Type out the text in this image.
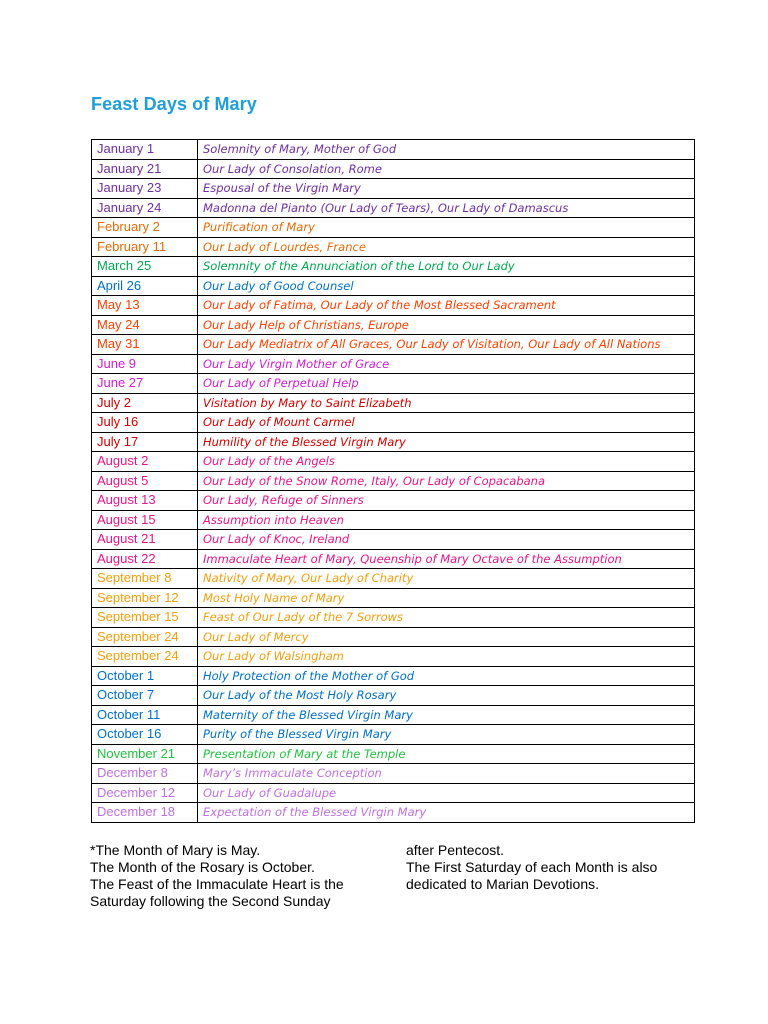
Feast Days of Mary
January 1	Solemnity of Mary, Mother of God
January 21	Our Lady of Consolation, Rome
January 23	Espousal of the Virgin Mary
January 24	Madonna del Pianto (Our Lady of Tears), Our Lady of Damascus
February 2	Purification of Mary
February 11	Our Lady of Lourdes, France
March 25	Solemnity of the Annunciation of the Lord to Our Lady
April 26	Our Lady of Good Counsel
May 13	Our Lady of Fatima, Our Lady of the Most Blessed Sacrament
May 24	Our Lady Help of Christians, Europe
May 31	Our Lady Mediatrix of All Graces, Our Lady of Visitation, Our Lady of All Nations
June 9	Our Lady Virgin Mother of Grace
June 27	Our Lady of Perpetual Help
July 2	Visitation by Mary to Saint Elizabeth
July 16	Our Lady of Mount Carmel
July 17	Humility of the Blessed Virgin Mary
August 2	Our Lady of the Angels
August 5	Our Lady of the Snow Rome, Italy, Our Lady of Copacabana
August 13	Our Lady, Refuge of Sinners
August 15	Assumption into Heaven
August 21	Our Lady of Knoc, Ireland
August 22	Immaculate Heart of Mary, Queenship of Mary Octave of the Assumption
September 8	Nativity of Mary, Our Lady of Charity
September 12	Most Holy Name of Mary
September 15	Feast of Our Lady of the 7 Sorrows
September 24	Our Lady of Mercy
September 24	Our Lady of Walsingham
October 1	Holy Protection of the Mother of God
October 7	Our Lady of the Most Holy Rosary
October 11	Maternity of the Blessed Virgin Mary
October 16	Purity of the Blessed Virgin Mary
November 21	Presentation of Mary at the Temple
December 8	Mary’s Immaculate Conception
December 12	Our Lady of Guadalupe
December 18	Expectation of the Blessed Virgin Mary
*The Month of Mary is May.
The Month of the Rosary is October.
The Feast of the Immaculate Heart is the
Saturday following the Second Sunday
after Pentecost.
The First Saturday of each Month is also
dedicated to Marian Devotions.
